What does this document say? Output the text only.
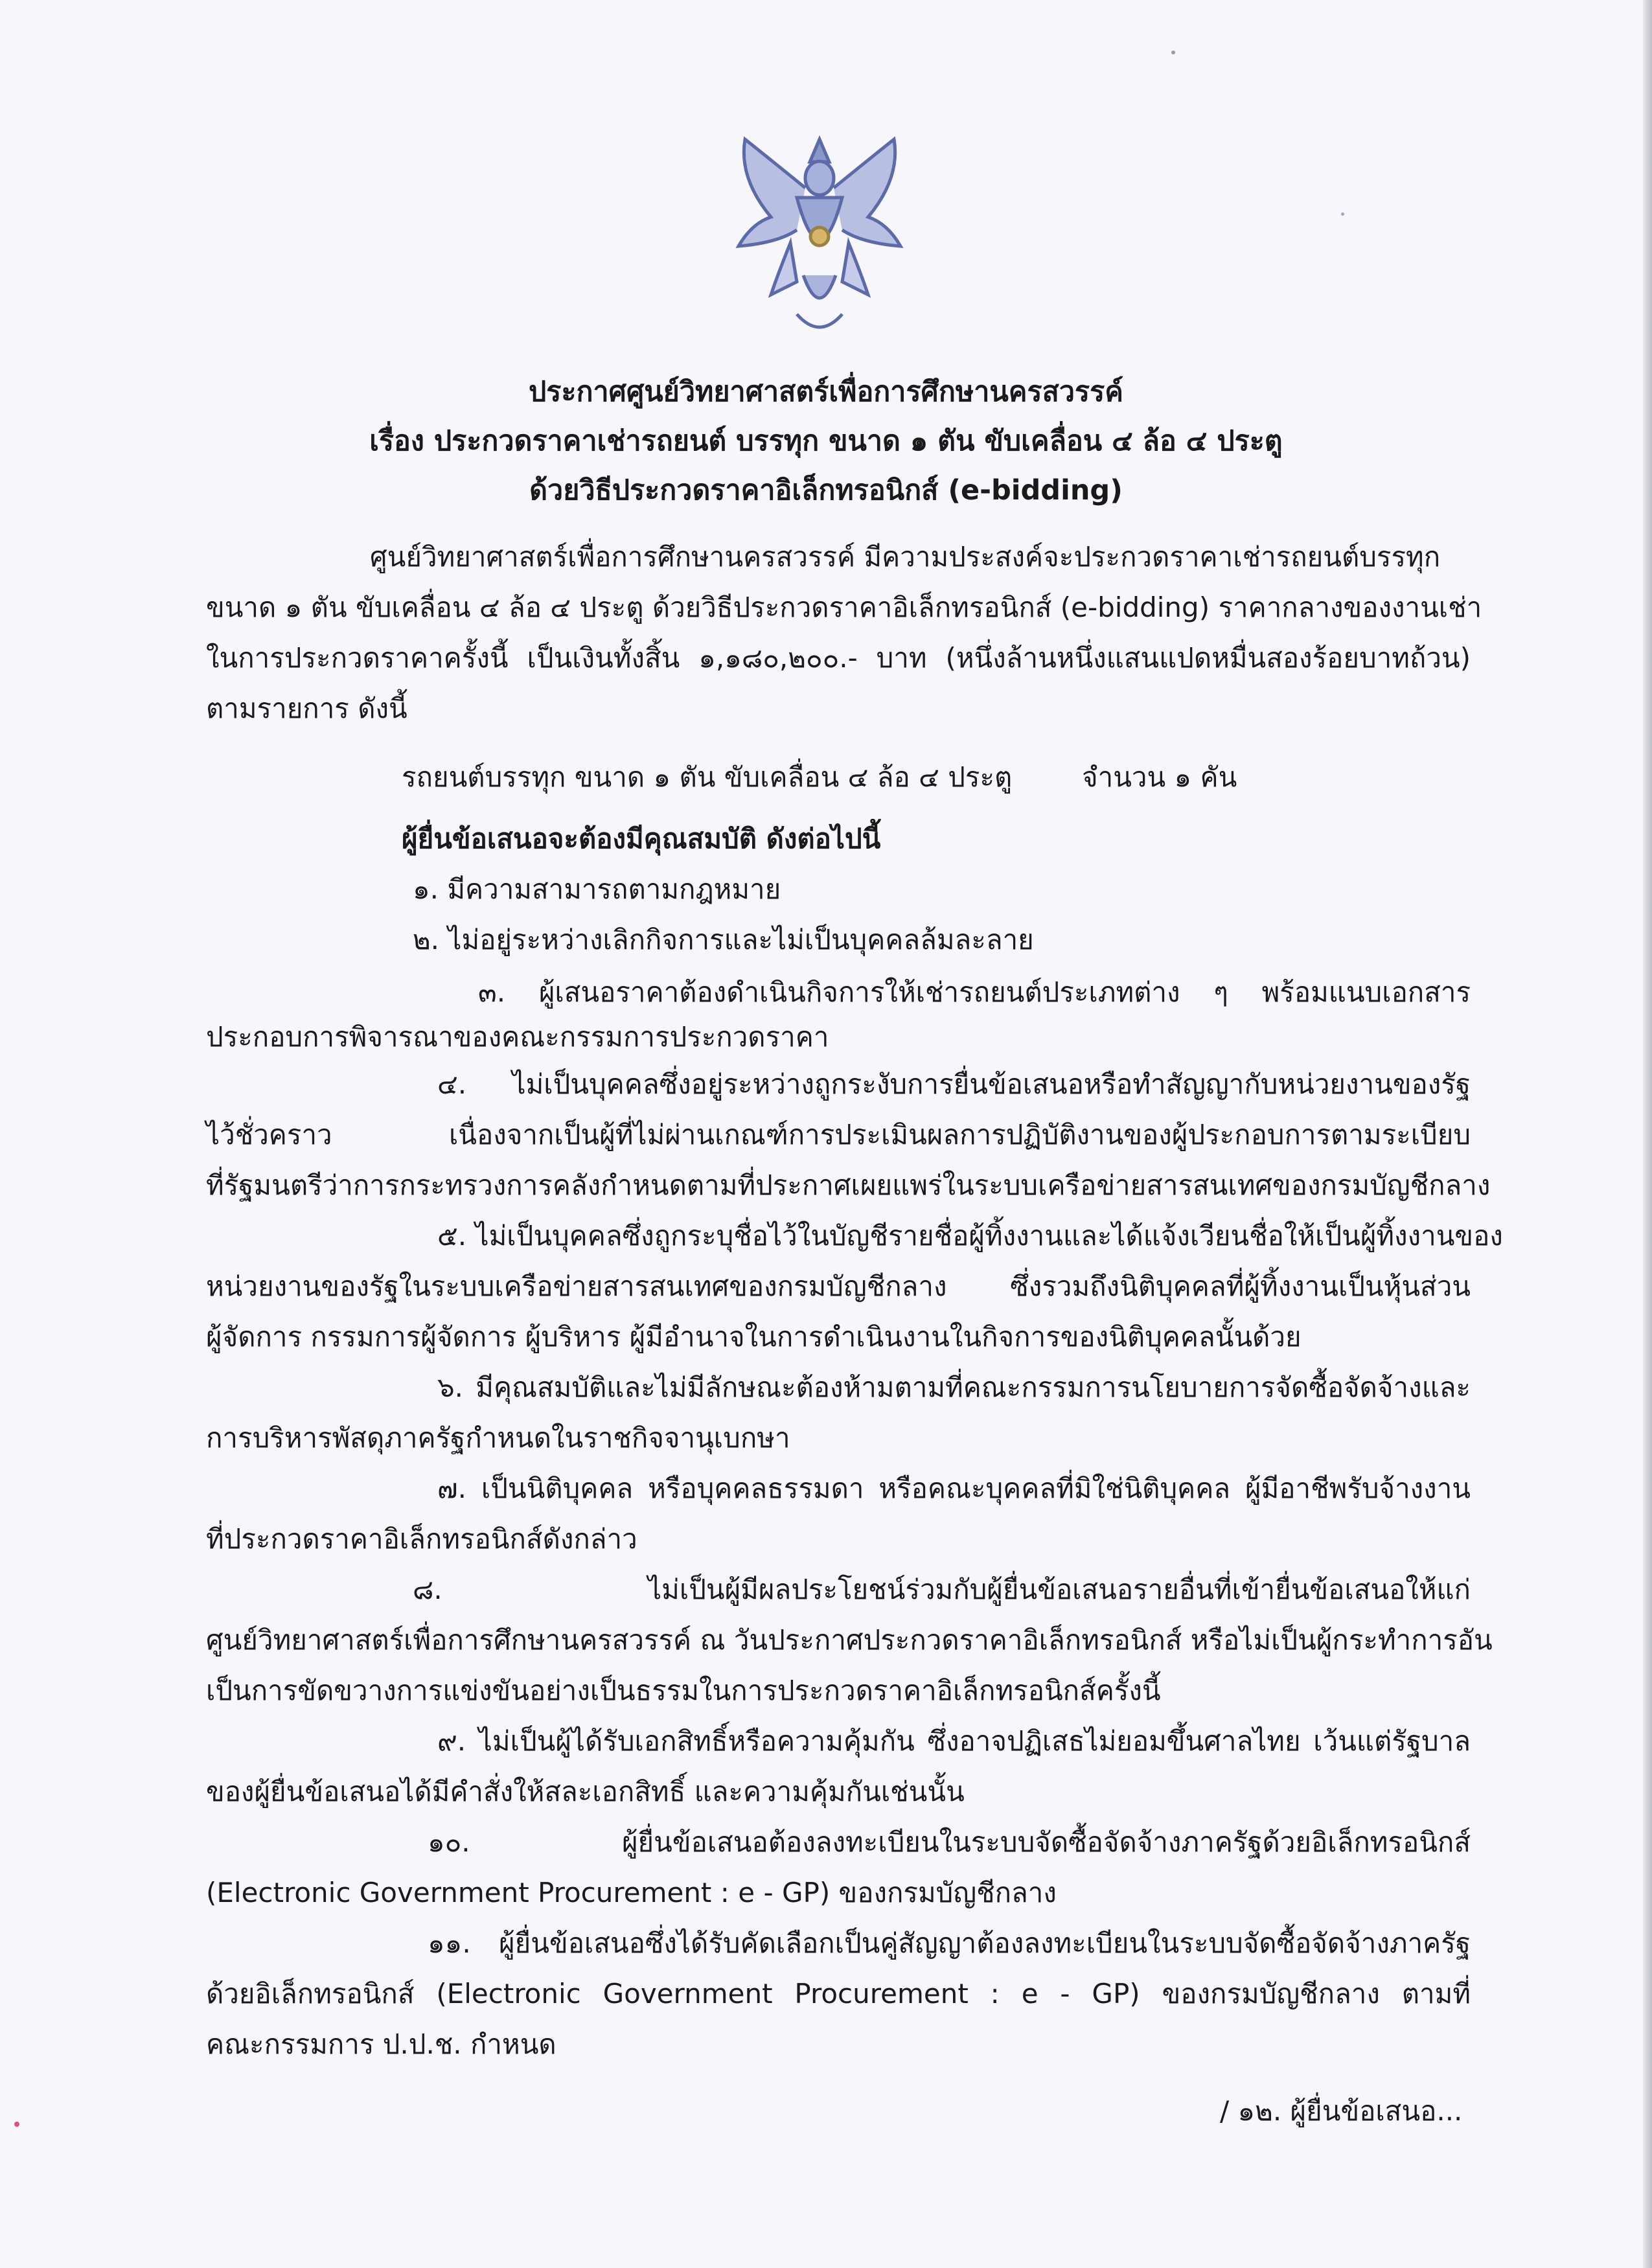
ประกาศศูนย์วิทยาศาสตร์เพื่อการศึกษานครสวรรค์
เรื่อง ประกวดราคาเช่ารถยนต์ บรรทุก ขนาด ๑ ตัน ขับเคลื่อน ๔ ล้อ ๔ ประตู
ด้วยวิธีประกวดราคาอิเล็กทรอนิกส์ (e-bidding)
ศูนย์วิทยาศาสตร์เพื่อการศึกษานครสวรรค์ มีความประสงค์จะประกวดราคาเช่ารถยนต์บรรทุก
ขนาด ๑ ตัน ขับเคลื่อน ๔ ล้อ ๔ ประตู ด้วยวิธีประกวดราคาอิเล็กทรอนิกส์ (e-bidding) ราคากลางของงานเช่า
ในการประกวดราคาครั้งนี้ เป็นเงินทั้งสิ้น ๑,๑๘๐,๒๐๐.- บาท (หนึ่งล้านหนึ่งแสนแปดหมื่นสองร้อยบาทถ้วน)
ตามรายการ ดังนี้
รถยนต์บรรทุก ขนาด ๑ ตัน ขับเคลื่อน ๔ ล้อ ๔ ประตู	จำนวน ๑ คัน
ผู้ยื่นข้อเสนอจะต้องมีคุณสมบัติ ดังต่อไปนี้
๑. มีความสามารถตามกฎหมาย
๒. ไม่อยู่ระหว่างเลิกกิจการและไม่เป็นบุคคลล้มละลาย
๓. ผู้เสนอราคาต้องดำเนินกิจการให้เช่ารถยนต์ประเภทต่าง ๆ พร้อมแนบเอกสาร
ประกอบการพิจารณาของคณะกรรมการประกวดราคา
๔. ไม่เป็นบุคคลซึ่งอยู่ระหว่างถูกระงับการยื่นข้อเสนอหรือทำสัญญากับหน่วยงานของรัฐ
ไว้ชั่วคราว เนื่องจากเป็นผู้ที่ไม่ผ่านเกณฑ์การประเมินผลการปฏิบัติงานของผู้ประกอบการตามระเบียบ
ที่รัฐมนตรีว่าการกระทรวงการคลังกำหนดตามที่ประกาศเผยแพร่ในระบบเครือข่ายสารสนเทศของกรมบัญชีกลาง
๕. ไม่เป็นบุคคลซึ่งถูกระบุชื่อไว้ในบัญชีรายชื่อผู้ทิ้งงานและได้แจ้งเวียนชื่อให้เป็นผู้ทิ้งงานของ
หน่วยงานของรัฐในระบบเครือข่ายสารสนเทศของกรมบัญชีกลาง ซึ่งรวมถึงนิติบุคคลที่ผู้ทิ้งงานเป็นหุ้นส่วน
ผู้จัดการ กรรมการผู้จัดการ ผู้บริหาร ผู้มีอำนาจในการดำเนินงานในกิจการของนิติบุคคลนั้นด้วย
๖. มีคุณสมบัติและไม่มีลักษณะต้องห้ามตามที่คณะกรรมการนโยบายการจัดซื้อจัดจ้างและ
การบริหารพัสดุภาครัฐกำหนดในราชกิจจานุเบกษา
๗. เป็นนิติบุคคล หรือบุคคลธรรมดา หรือคณะบุคคลที่มิใช่นิติบุคคล ผู้มีอาชีพรับจ้างงาน
ที่ประกวดราคาอิเล็กทรอนิกส์ดังกล่าว
๘. ไม่เป็นผู้มีผลประโยชน์ร่วมกับผู้ยื่นข้อเสนอรายอื่นที่เข้ายื่นข้อเสนอให้แก่
ศูนย์วิทยาศาสตร์เพื่อการศึกษานครสวรรค์ ณ วันประกาศประกวดราคาอิเล็กทรอนิกส์ หรือไม่เป็นผู้กระทำการอัน
เป็นการขัดขวางการแข่งขันอย่างเป็นธรรมในการประกวดราคาอิเล็กทรอนิกส์ครั้งนี้
๙. ไม่เป็นผู้ได้รับเอกสิทธิ์หรือความคุ้มกัน ซึ่งอาจปฏิเสธไม่ยอมขึ้นศาลไทย เว้นแต่รัฐบาล
ของผู้ยื่นข้อเสนอได้มีคำสั่งให้สละเอกสิทธิ์ และความคุ้มกันเช่นนั้น
๑๐. ผู้ยื่นข้อเสนอต้องลงทะเบียนในระบบจัดซื้อจัดจ้างภาครัฐด้วยอิเล็กทรอนิกส์
(Electronic Government Procurement : e - GP) ของกรมบัญชีกลาง
๑๑. ผู้ยื่นข้อเสนอซึ่งได้รับคัดเลือกเป็นคู่สัญญาต้องลงทะเบียนในระบบจัดซื้อจัดจ้างภาครัฐ
ด้วยอิเล็กทรอนิกส์ (Electronic Government Procurement : e - GP) ของกรมบัญชีกลาง ตามที่
คณะกรรมการ ป.ป.ช. กำหนด
/ ๑๒. ผู้ยื่นข้อเสนอ...
